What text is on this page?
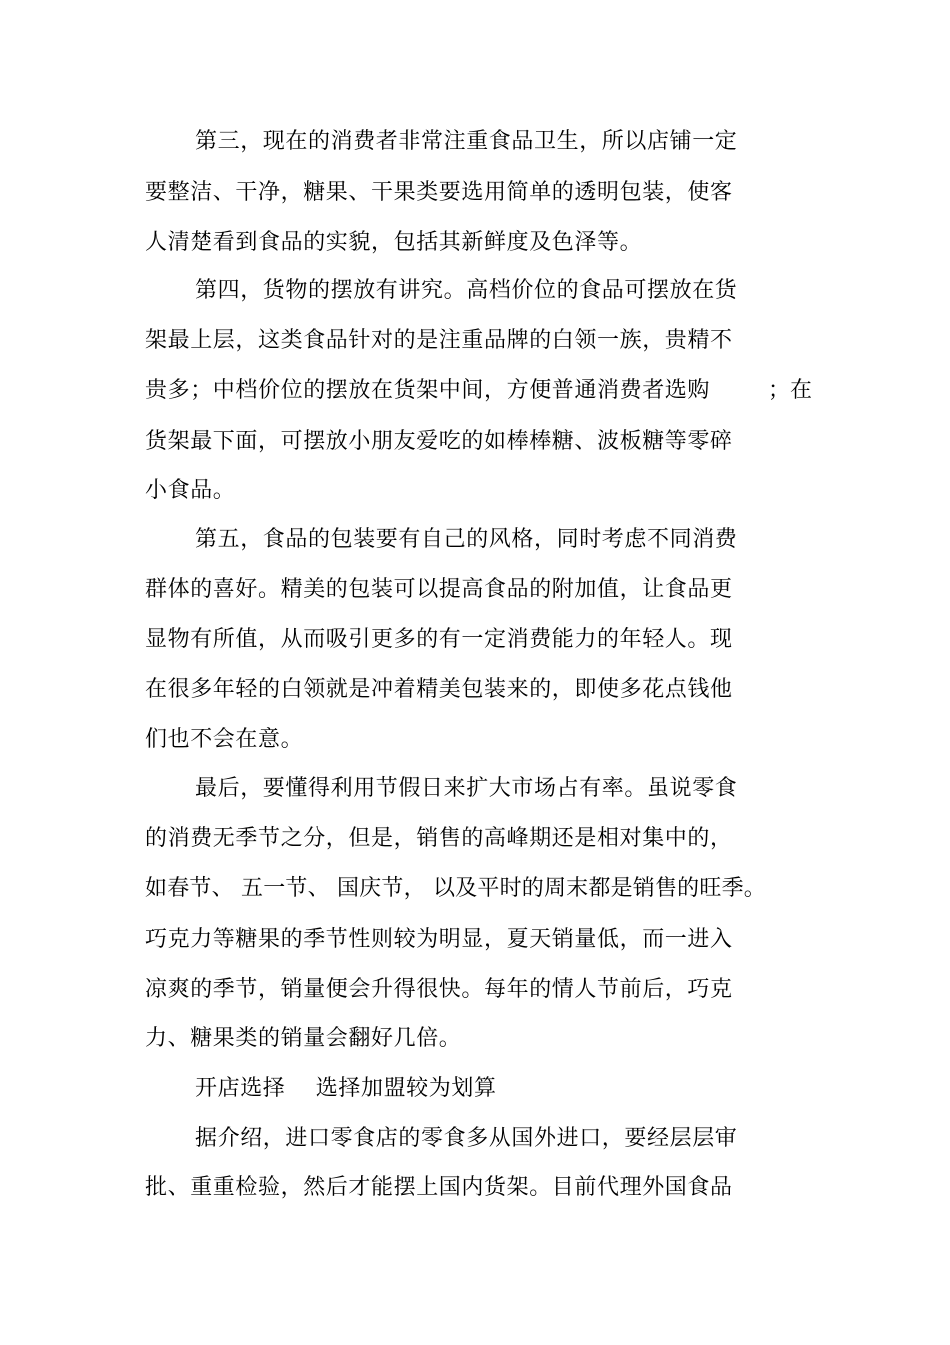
第三，现在的消费者非常注重食品卫生，所以店铺一定
要整洁、干净，糖果、干果类要选用简单的透明包装，使客
人清楚看到食品的实貌，包括其新鲜度及色泽等。
第四，货物的摆放有讲究。高档价位的食品可摆放在货
架最上层，这类食品针对的是注重品牌的白领一族，贵精不
贵多；中档价位的摆放在货架中间，方便普通消费者选购	；在
货架最下面，可摆放小朋友爱吃的如棒棒糖、波板糖等零碎
小食品。
第五，食品的包装要有自己的风格，同时考虑不同消费
群体的喜好。精美的包装可以提高食品的附加值，让食品更
显物有所值，从而吸引更多的有一定消费能力的年轻人。现
在很多年轻的白领就是冲着精美包装来的，即使多花点钱他
们也不会在意。
最后，要懂得利用节假日来扩大市场占有率。虽说零食
的消费无季节之分，但是，销售的高峰期还是相对集中的，
如春节、 五一节、 国庆节， 以及平时的周末都是销售的旺季。
巧克力等糖果的季节性则较为明显，夏天销量低，而一进入
凉爽的季节，销量便会升得很快。每年的情人节前后，巧克
力、糖果类的销量会翻好几倍。
开店选择    选择加盟较为划算
据介绍，进口零食店的零食多从国外进口，要经层层审
批、重重检验，然后才能摆上国内货架。目前代理外国食品
